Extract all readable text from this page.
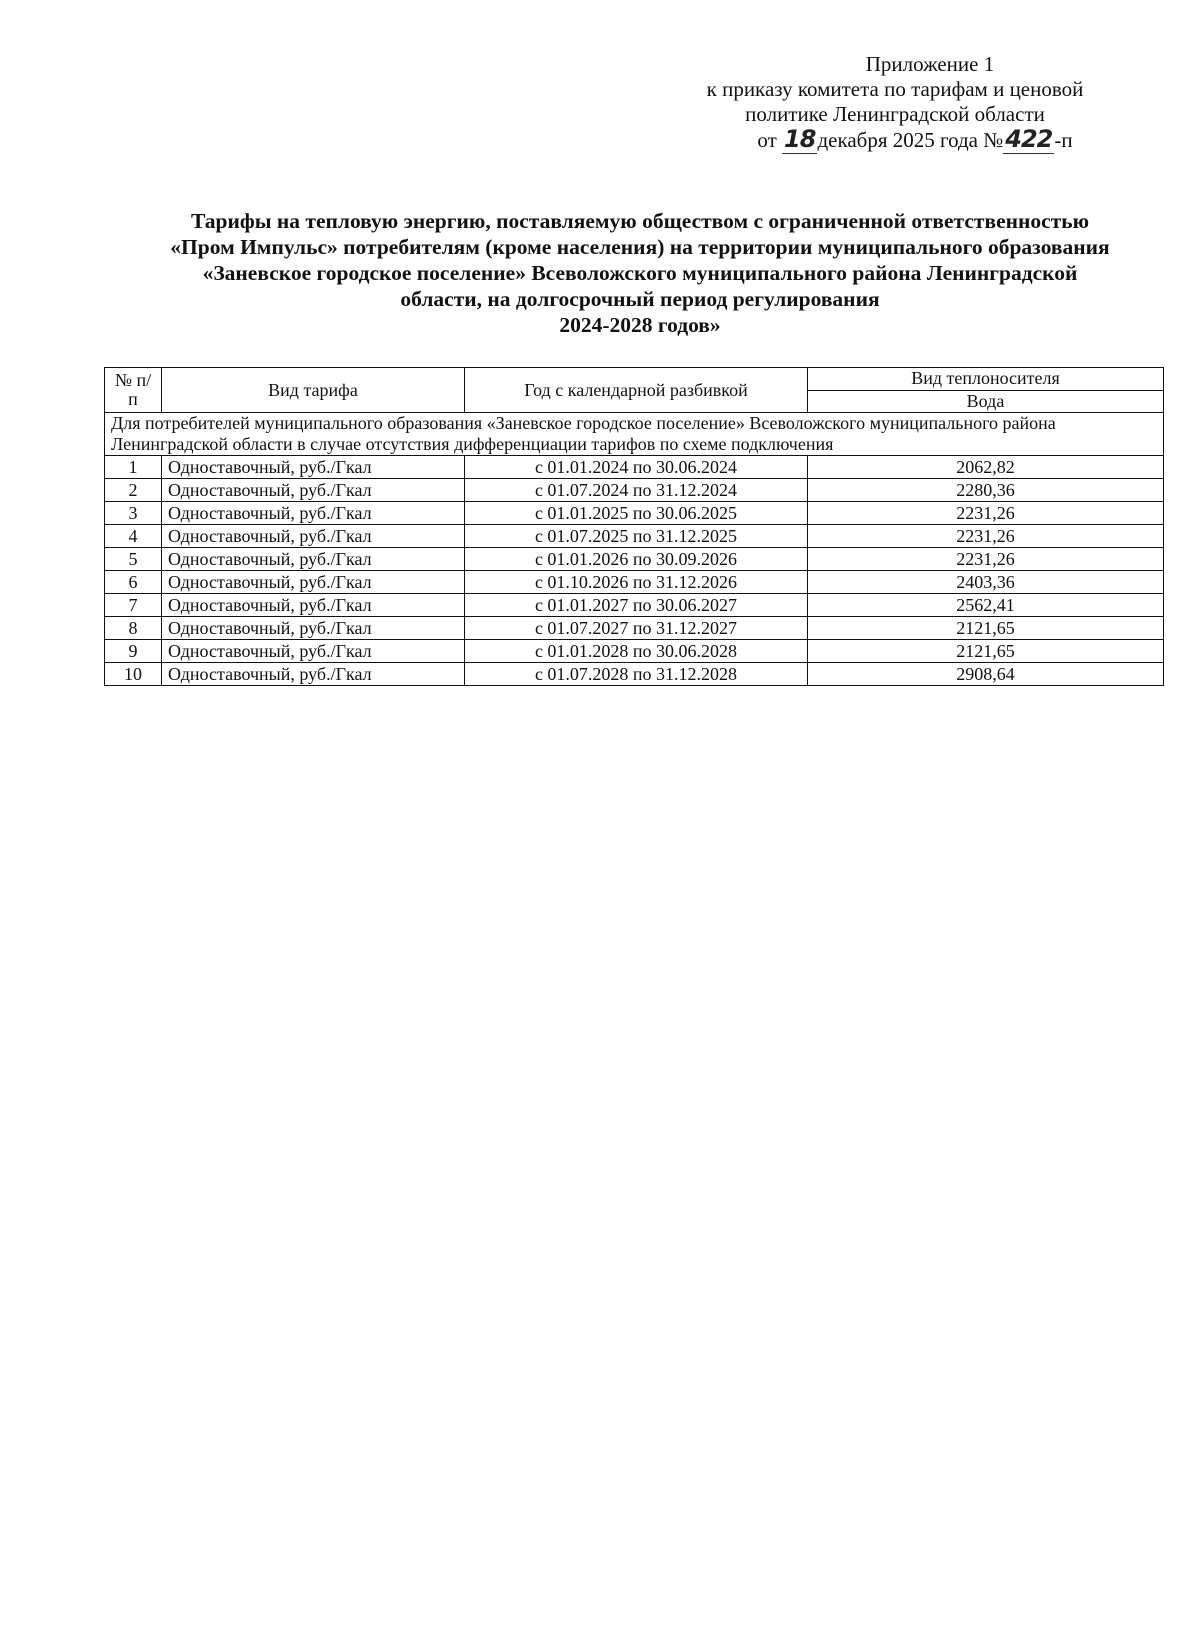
Приложение 1
к приказу комитета по тарифам и ценовой
политике Ленинградской области
от 18декабря 2025 года №422-п
Тарифы на тепловую энергию, поставляемую обществом с ограниченной ответственностью
«Пром Импульс» потребителям (кроме населения) на территории муниципального образования
«Заневское городское поселение» Всеволожского муниципального района Ленинградской
области, на долгосрочный период регулирования
2024-2028 годов»
№ п/п	Вид тарифа	Год с календарной разбивкой	Вид теплоносителя
			Вода
Для потребителей муниципального образования «Заневское городское поселение» Всеволожского муниципального района Ленинградской области в случае отсутствия дифференциации тарифов по схеме подключения			
1	Одноставочный, руб./Гкал	с 01.01.2024 по 30.06.2024	2062,82
2	Одноставочный, руб./Гкал	с 01.07.2024 по 31.12.2024	2280,36
3	Одноставочный, руб./Гкал	с 01.01.2025 по 30.06.2025	2231,26
4	Одноставочный, руб./Гкал	с 01.07.2025 по 31.12.2025	2231,26
5	Одноставочный, руб./Гкал	с 01.01.2026 по 30.09.2026	2231,26
6	Одноставочный, руб./Гкал	с 01.10.2026 по 31.12.2026	2403,36
7	Одноставочный, руб./Гкал	с 01.01.2027 по 30.06.2027	2562,41
8	Одноставочный, руб./Гкал	с 01.07.2027 по 31.12.2027	2121,65
9	Одноставочный, руб./Гкал	с 01.01.2028 по 30.06.2028	2121,65
10	Одноставочный, руб./Гкал	с 01.07.2028 по 31.12.2028	2908,64
